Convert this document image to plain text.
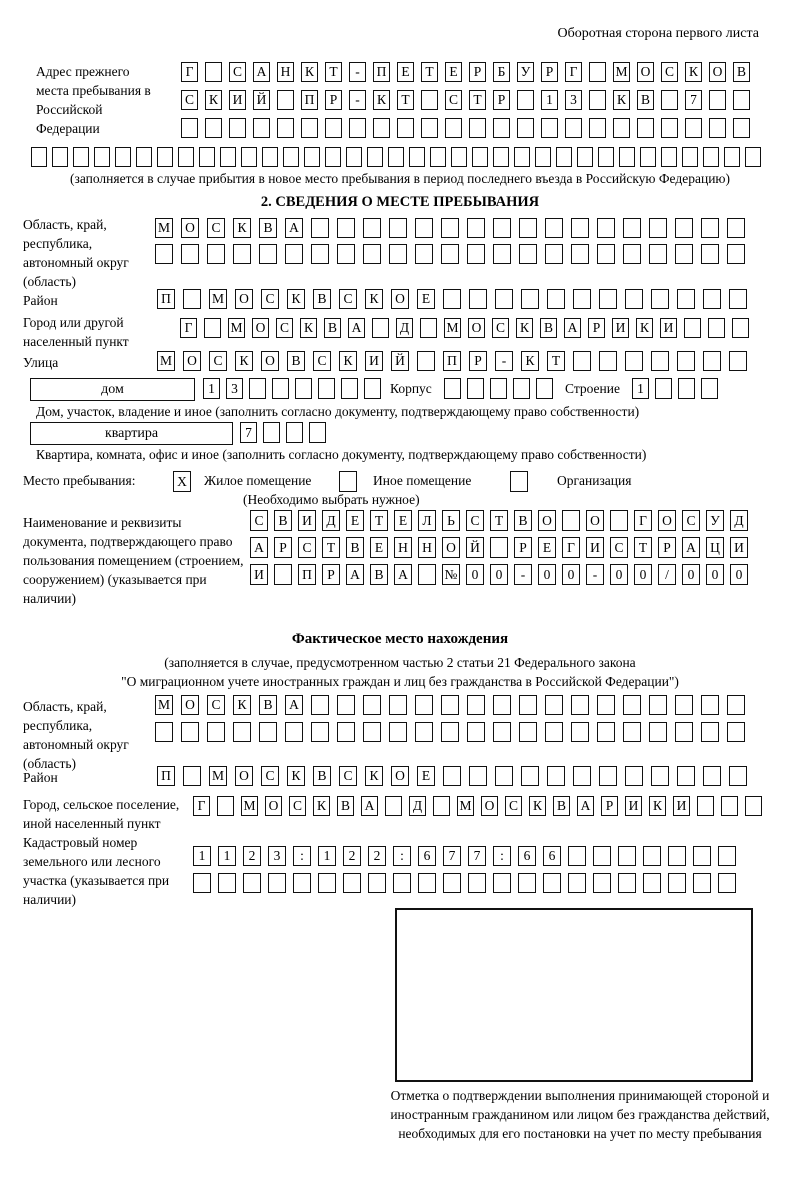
Оборотная сторона первого листа
Адрес прежнего места пребывания в Российской Федерации
Г	С А Н К	Т	-	П	Е	Т	Е	Р	Б	У	Р	Г	М О С К О В
С К И Й	П	Р	-	К	Т	С	Т	Р	1	3	К В	7
(заполняется в случае прибытия в новое место пребывания в период последнего въезда в Российскую Федерацию)
2. СВЕДЕНИЯ О МЕСТЕ ПРЕБЫВАНИЯ
Область, край, республика, автономный округ (область)
М	О	С	К	В	А
Район	П	М	О	С	К	В	С	К	О	Е
Город или другой населенный пункт
Г	М О С К В А	Д	М О С К В А	Р	И К И
Улица	М	О	С	К	О	В	С	К	И	Й	П	Р	-	К	Т
дом	1	3	Корпус	Строение	1
Дом, участок, владение и иное (заполнить согласно документу, подтверждающему право собственности)
квартира	7
Квартира, комната, офис и иное (заполнить согласно документу, подтверждающему право собственности)
Место пребывания:	X	Жилое помещение	Иное помещение	Организация
(Необходимо выбрать нужное)
Наименование и реквизиты документа, подтверждающего право пользования помещением (строением, сооружением) (указывается при наличии)
С	В	И	Д	Е	Т	Е	Л	Ь	С	Т	В	О	О	Г	О	С	У	Д
А	Р	С	Т	В	Е	Н	Н	О	Й	Р	Е	Г	И	С	Т	Р	А	Ц	И
И	П	Р	А	В	А	№	0	0	-	0	0	-	0	0	/	0	0	0
Фактическое место нахождения
(заполняется в случае, предусмотренном частью 2 статьи 21 Федерального закона
"О миграционном учете иностранных граждан и лиц без гражданства в Российской Федерации")
Область, край, республика, автономный округ (область)
М	О	С	К	В	А
Район	П	М	О	С	К	В	С	К	О	Е
Город, сельское поселение, иной населенный пункт
Г	М О С К В А	Д	М О С К В А	Р	И К И
Кадастровый номер земельного или лесного участка (указывается при наличии)
1	1	2	3	:	1	2	2	:	6	7	7	:	6	6
Отметка о подтверждении выполнения принимающей стороной и иностранным гражданином или лицом без гражданства действий, необходимых для его постановки на учет по месту пребывания
